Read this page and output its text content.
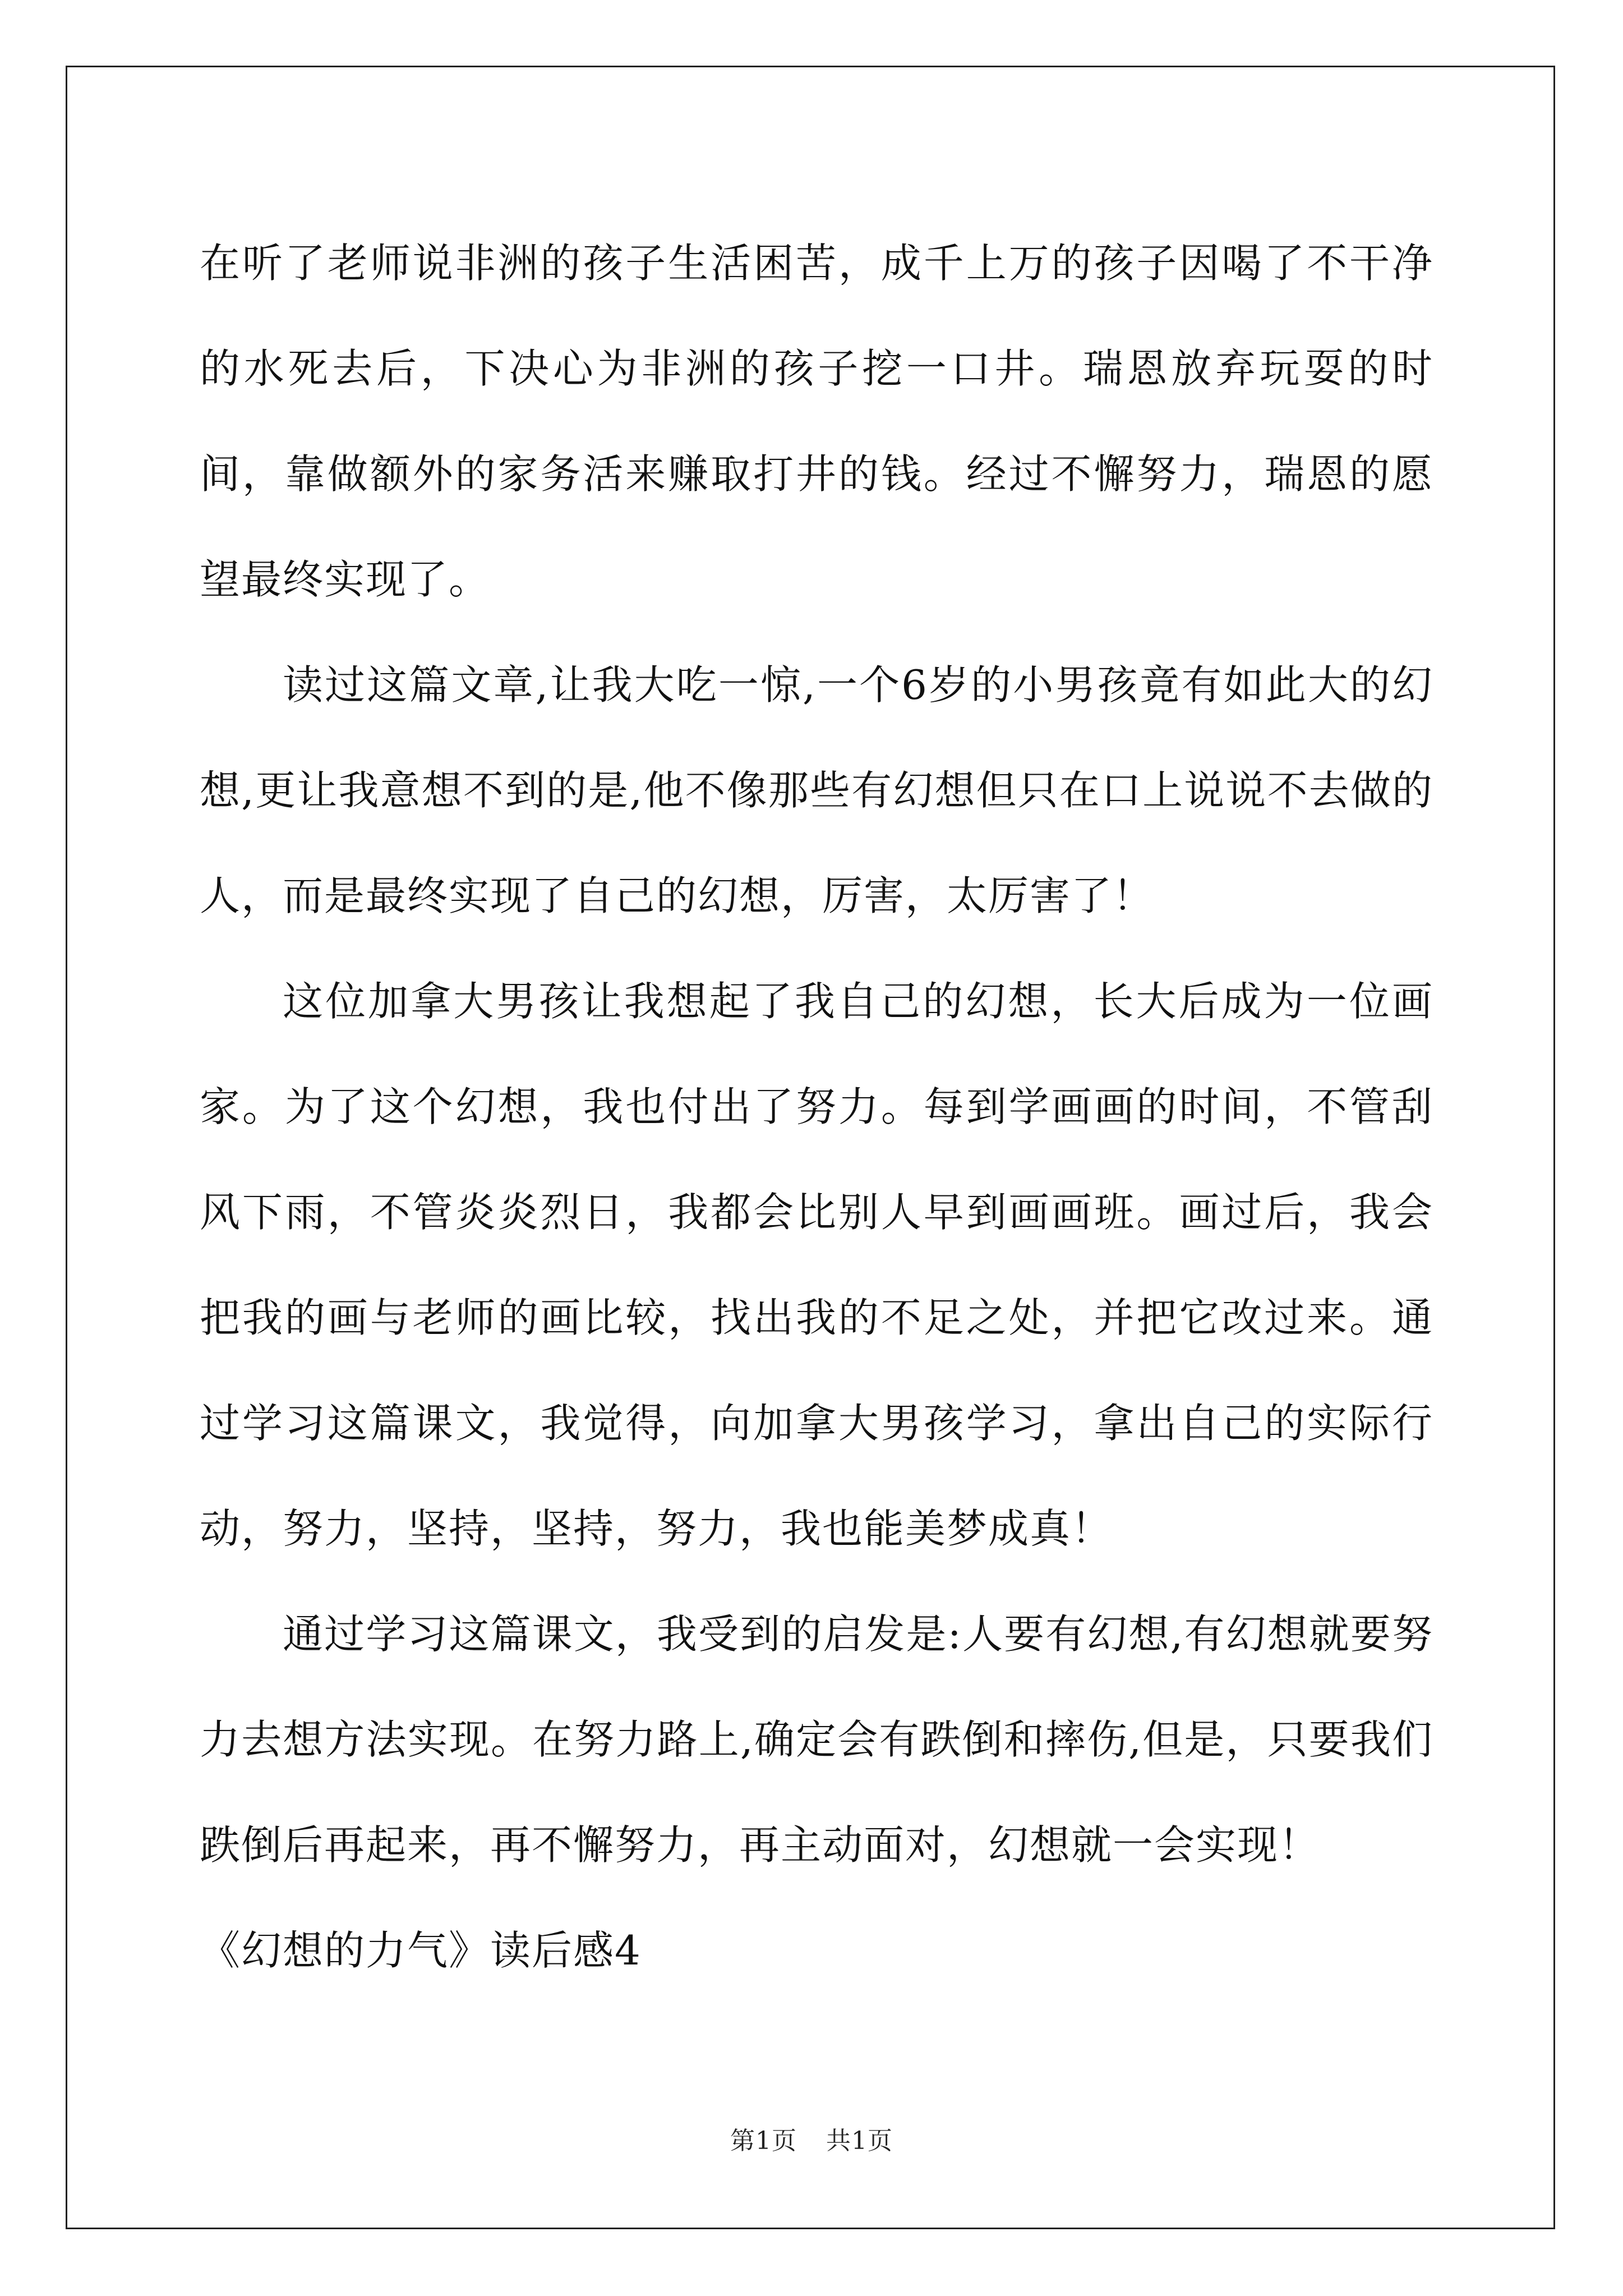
在听了老师说非洲的孩子生活困苦，成千上万的孩子因喝了不干净的水死去后，下决心为非洲的孩子挖一口井。瑞恩放弃玩耍的时间，靠做额外的家务活来赚取打井的钱。经过不懈努力，瑞恩的愿望最终实现了。

读过这篇文章,让我大吃一惊,一个6岁的小男孩竟有如此大的幻想,更让我意想不到的是,他不像那些有幻想但只在口上说说不去做的人，而是最终实现了自己的幻想，厉害，太厉害了！

这位加拿大男孩让我想起了我自己的幻想，长大后成为一位画家。为了这个幻想，我也付出了努力。每到学画画的时间，不管刮风下雨，不管炎炎烈日，我都会比别人早到画画班。画过后，我会把我的画与老师的画比较，找出我的不足之处，并把它改过来。通过学习这篇课文，我觉得，向加拿大男孩学习，拿出自己的实际行动，努力，坚持，坚持，努力，我也能美梦成真！

通过学习这篇课文，我受到的启发是:人要有幻想,有幻想就要努力去想方法实现。在努力路上,确定会有跌倒和摔伤,但是，只要我们跌倒后再起来，再不懈努力，再主动面对，幻想就一会实现！

《幻想的力气》读后感4

第1页 共1页
